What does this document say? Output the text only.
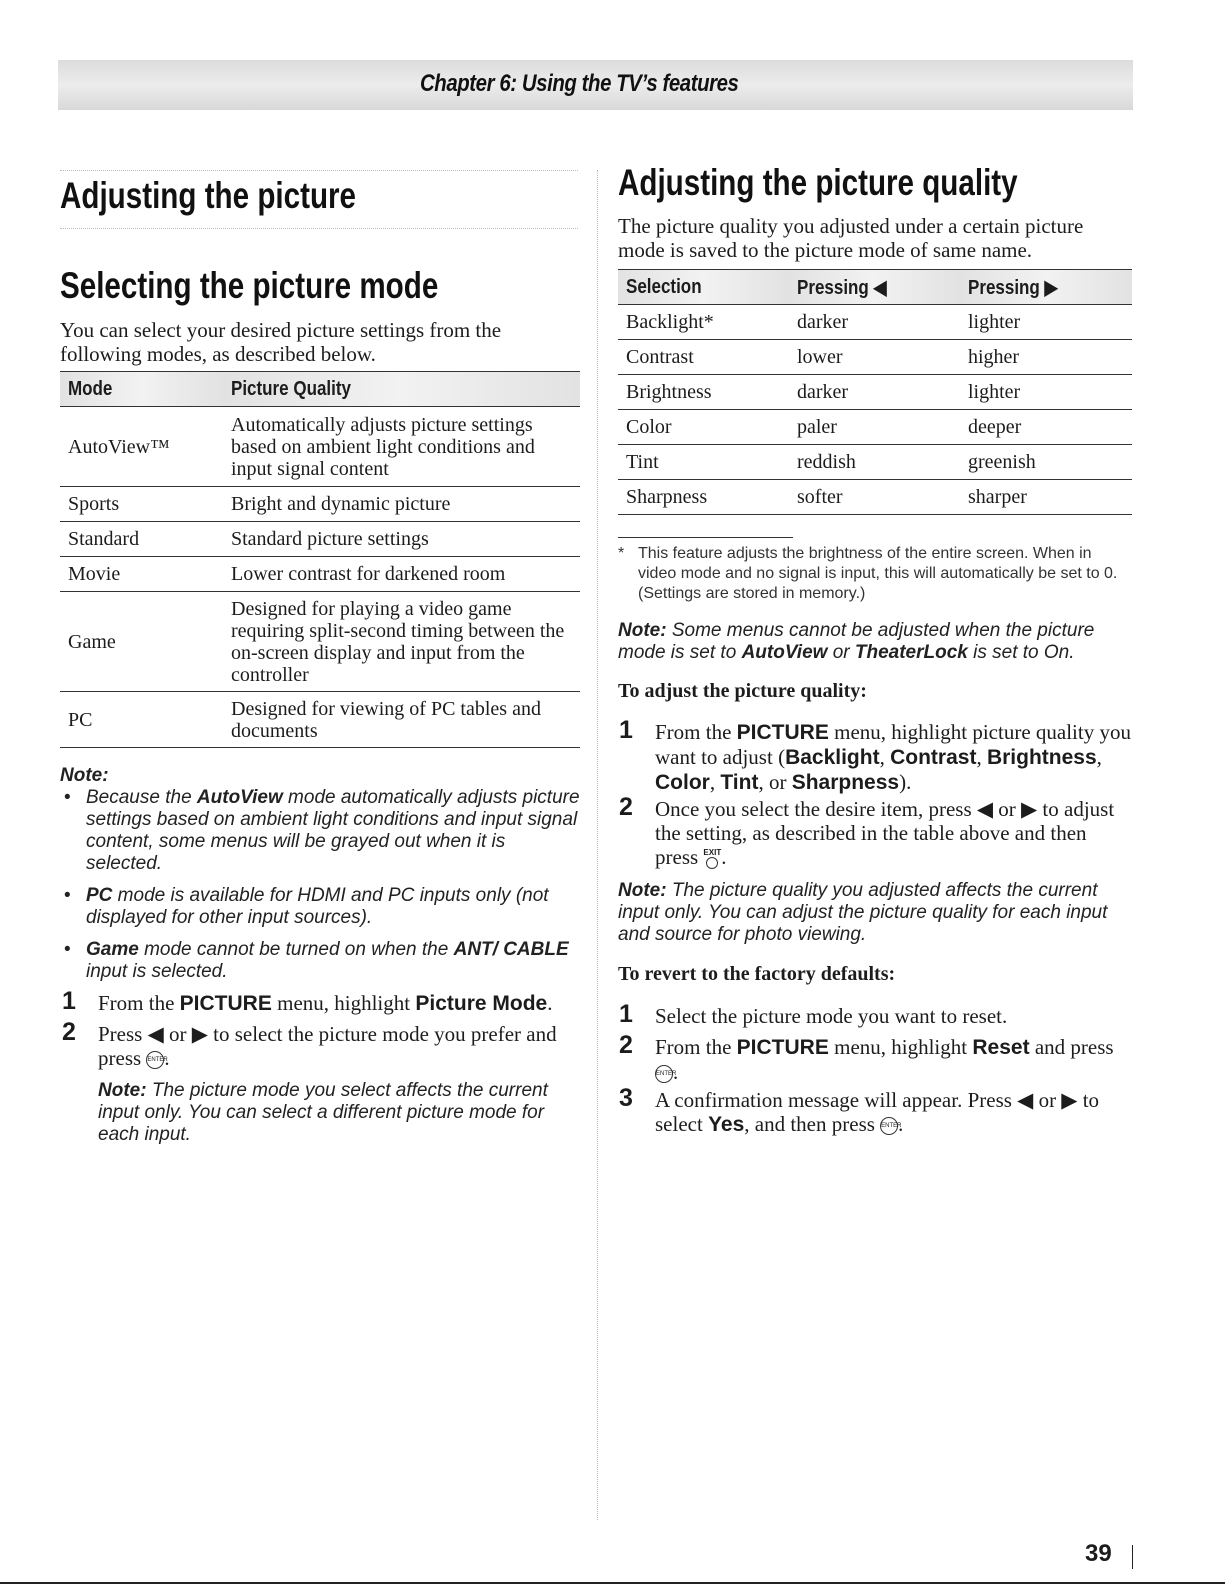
Chapter 6: Using the TV’s features
Adjusting the picture
Selecting the picture mode
You can select your desired picture settings from the following modes, as described below.
Mode	Picture Quality
AutoView™	Automatically adjusts picture settings based on ambient light conditions and input signal content
Sports	Bright and dynamic picture
Standard	Standard picture settings
Movie	Lower contrast for darkened room
Game	Designed for playing a video game requiring split-second timing between the on-screen display and input from the controller
PC	Designed for viewing of PC tables and documents
Note:
• Because the AutoView mode automatically adjusts picture settings based on ambient light conditions and input signal content, some menus will be grayed out when it is selected.
• PC mode is available for HDMI and PC inputs only (not displayed for other input sources).
• Game mode cannot be turned on when the ANT/ CABLE input is selected.
1 From the PICTURE menu, highlight Picture Mode.
2 Press ◀ or ▶ to select the picture mode you prefer and press ENTER.
Note: The picture mode you select affects the current input only. You can select a different picture mode for each input.
Adjusting the picture quality
The picture quality you adjusted under a certain picture mode is saved to the picture mode of same name.
Selection	Pressing ◀	Pressing ▶
Backlight*	darker	lighter
Contrast	lower	higher
Brightness	darker	lighter
Color	paler	deeper
Tint	reddish	greenish
Sharpness	softer	sharper
* This feature adjusts the brightness of the entire screen. When in video mode and no signal is input, this will automatically be set to 0. (Settings are stored in memory.)
Note: Some menus cannot be adjusted when the picture mode is set to AutoView or TheaterLock is set to On.
To adjust the picture quality:
1 From the PICTURE menu, highlight picture quality you want to adjust (Backlight, Contrast, Brightness, Color, Tint, or Sharpness).
2 Once you select the desire item, press ◀ or ▶ to adjust the setting, as described in the table above and then press EXIT .
Note: The picture quality you adjusted affects the current input only. You can adjust the picture quality for each input and source for photo viewing.
To revert to the factory defaults:
1 Select the picture mode you want to reset.
2 From the PICTURE menu, highlight Reset and press ENTER.
3 A confirmation message will appear. Press ◀ or ▶ to select Yes, and then press ENTER.
39
